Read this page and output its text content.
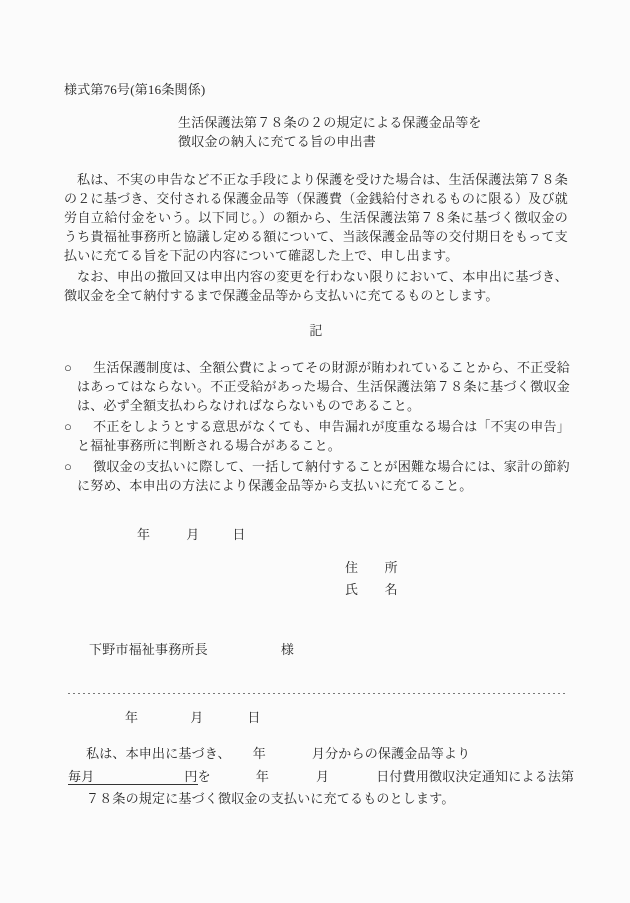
様式第76号(第16条関係)
生活保護法第７８条の２の規定による保護金品等を
徴収金の納入に充てる旨の申出書

私は、不実の申告など不正な手段により保護を受けた場合は、生活保護法第７８条の２に基づき、交付される保護金品等（保護費（金銭給付されるものに限る）及び就労自立給付金をいう。以下同じ。）の額から、生活保護法第７８条に基づく徴収金のうち貴福祉事務所と協議し定める額について、当該保護金品等の交付期日をもって支払いに充てる旨を下記の内容について確認した上で、申し出ます。

なお、申出の撤回又は申出内容の変更を行わない限りにおいて、本申出に基づき、徴収金を全て納付するまで保護金品等から支払いに充てるものとします。

記
○ 生活保護制度は、全額公費によってその財源が賄われていることから、不正受給はあってはならない。不正受給があった場合、生活保護法第７８条に基づく徴収金は、必ず全額支払わらなければならないものであること。
○ 不正をしようとする意思がなくても、申告漏れが度重なる場合は「不実の申告」と福祉事務所に判断される場合があること。
○ 徴収金の支払いに際して、一括して納付することが困難な場合には、家計の節約に努め、本申出の方法により保護金品等から支払いに充てること。
年	月	日
住　　所
氏　　名
下野市福祉事務所長	様
年	月	日
私は、本申出に基づき、 年	月分からの保護金品等より
毎月	円を	年	月	日付費用徴収決定通知による法第
７８条の規定に基づく徴収金の支払いに充てるものとします。
